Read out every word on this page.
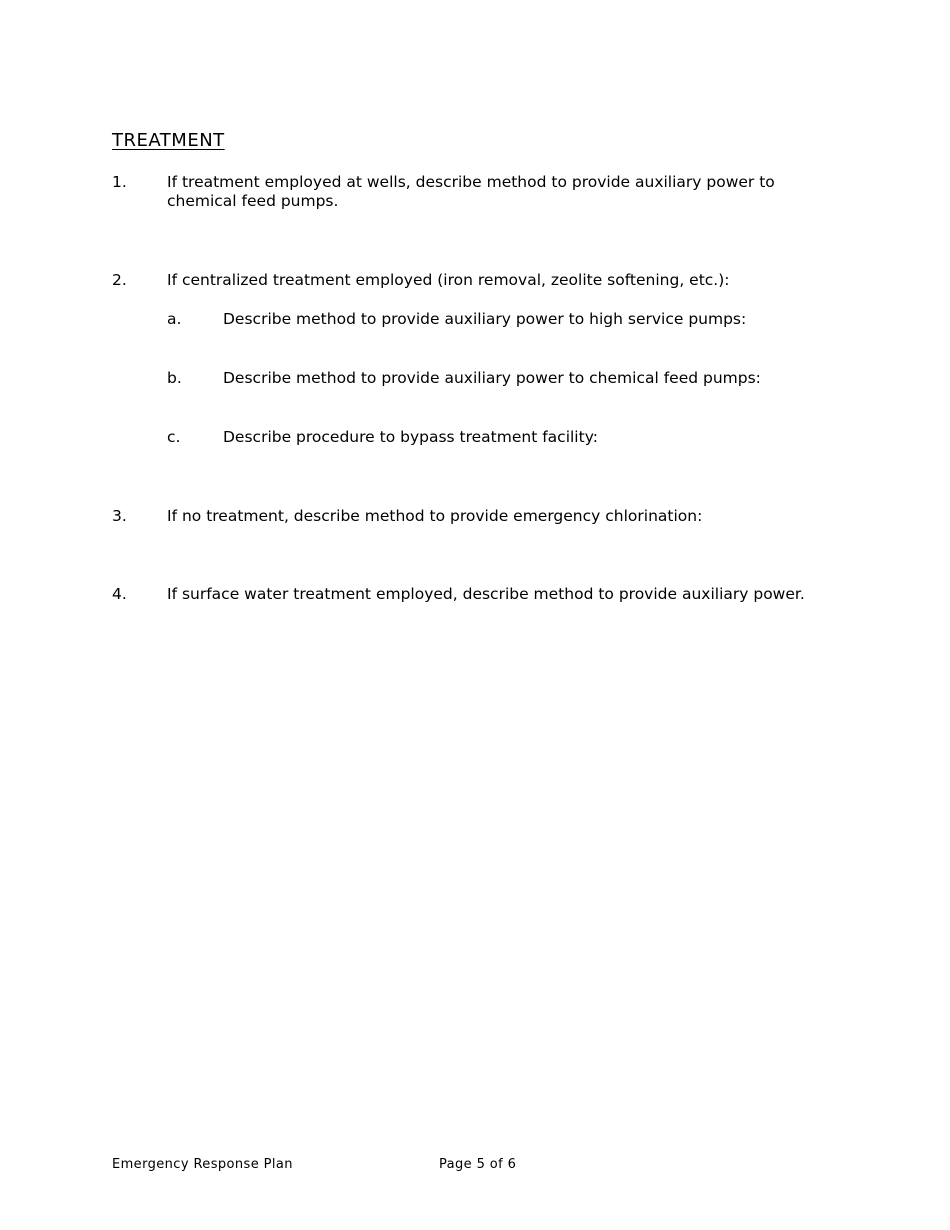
TREATMENT
1.	If treatment employed at wells, describe method to provide auxiliary power to chemical feed pumps.
2.	If centralized treatment employed (iron removal, zeolite softening, etc.):
a.	Describe method to provide auxiliary power to high service pumps:
b.	Describe method to provide auxiliary power to chemical feed pumps:
c.	Describe procedure to bypass treatment facility:
3.	If no treatment, describe method to provide emergency chlorination:
4.	If surface water treatment employed, describe method to provide auxiliary power.
Emergency Response Plan	Page 5 of 6
